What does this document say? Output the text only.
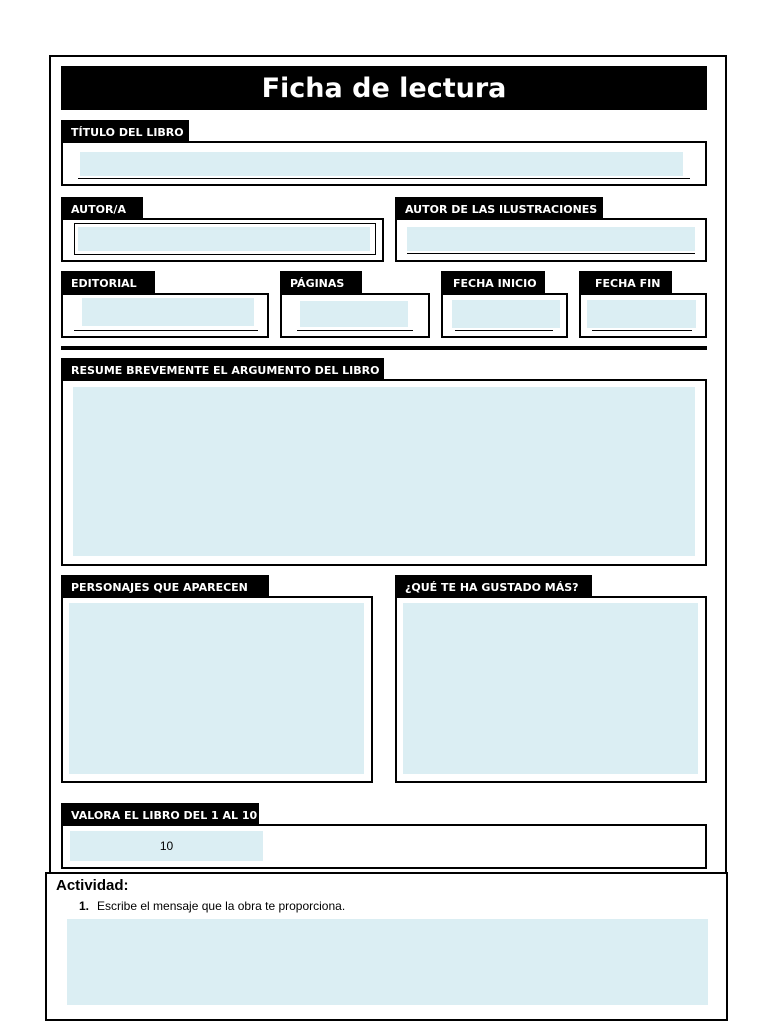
Ficha de lectura
TÍTULO DEL LIBRO
AUTOR/A	AUTOR DE LAS ILUSTRACIONES
EDITORIAL	PÁGINAS	FECHA INICIO	FECHA FIN
RESUME BREVEMENTE EL ARGUMENTO DEL LIBRO
PERSONAJES QUE APARECEN	¿QUÉ TE HA GUSTADO MÁS?
VALORA EL LIBRO DEL 1 AL 10
10
Actividad:
1. Escribe el mensaje que la obra te proporciona.
